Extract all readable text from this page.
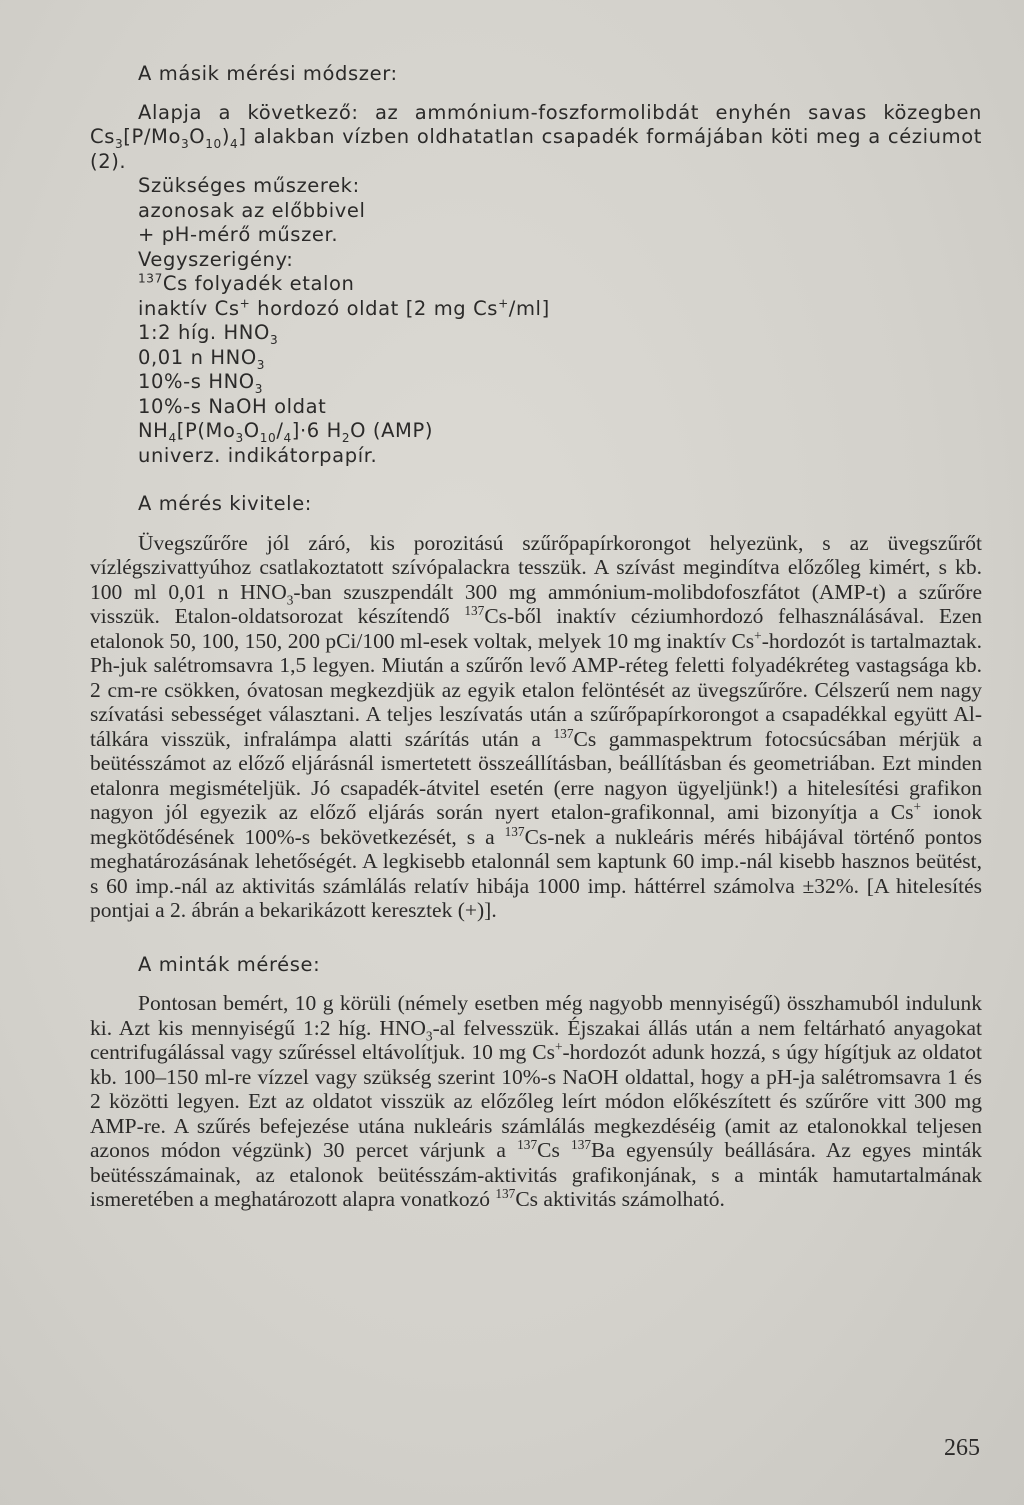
A másik mérési módszer:
Alapja a következő: az ammónium-foszformolibdát enyhén savas közegben $Cs_3[P/Mo_3O_{10})_4$] alakban vízben oldhatatlan csapadék formájában köti meg a céziumot (2).
Szükséges műszerek:
azonosak az előbbivel
+ pH-mérő műszer.
Vegyszerigény:
$^{137}$Cs folyadék etalon
inaktív Cs+ hordozó oldat [2 mg Cs+/ml]
1:2 híg. $HNO_3$
0,01 n $HNO_3$
10%-s $HNO_3$
10%-s NaOH oldat
$NH_4[P(Mo_3O_{10}/_4]\cdot 6$ $H_2O$ (AMP)
univerz. indikátorpapír.
A mérés kivitele:
Üvegszűrőre jól záró, kis porozitású szűrőpapírkorongot helyezünk, s az üvegszűrőt vízlégszivattyúhoz csatlakoztatott szívópalackra tesszük. A szívást megindítva előzőleg kimért, s kb. 100 ml 0,01 n $HNO_3$-ban szuszpendált 300 mg ammónium-molibdofoszfátot (AMP-t) a szűrőre visszük. Etalon-oldatsorozat készítendő $^{137}$Cs-ből inaktív céziumhordozó felhasználásával. Ezen etalonok 50, 100, 150, 200 pCi/100 ml-esek voltak, melyek 10 mg inaktív Cs+-hordozót is tartalmaztak. Ph-juk salétromsavra 1,5 legyen. Miután a szűrőn levő AMP-réteg feletti folyadékréteg vastagsága kb. 2 cm-re csökken, óvatosan megkezdjük az egyik etalon felöntését az üvegszűrőre. Célszerű nem nagy szívatási sebességet választani. A teljes leszívatás után a szűrőpapírkorongot a csapadékkal együtt Al-tálkára visszük, infralámpa alatti szárítás után a $^{137}$Cs gammaspektrum fotocsúcsában mérjük a beütésszámot az előző eljárásnál ismertetett összeállításban, beállításban és geometriában. Ezt minden etalonra megismételjük. Jó csapadék-átvitel esetén (erre nagyon ügyeljünk!) a hitelesítési grafikon nagyon jól egyezik az előző eljárás során nyert etalon-grafikonnal, ami bizonyítja a Cs+ ionok megkötődésének 100%-s bekövetkezését, s a $^{137}$Cs-nek a nukleáris mérés hibájával történő pontos meghatározásának lehetőségét. A legkisebb etalonnál sem kaptunk 60 imp.-nál kisebb hasznos beütést, s 60 imp.-nál az aktivitás számlálás relatív hibája 1000 imp. háttérrel számolva ±32%. [A hitelesítés pontjai a 2. ábrán a bekarikázott keresztek (+)].
A minták mérése:
Pontosan bemért, 10 g körüli (némely esetben még nagyobb mennyiségű) összhamuból indulunk ki. Azt kis mennyiségű 1:2 híg. $HNO_3-al$ felvesszük. Éjszakai állás után a nem feltárható anyagokat centrifugálással vagy szűréssel eltávolítjuk. 10 mg Cs+-hordozót adunk hozzá, s úgy hígítjuk az oldatot kb. 100–150 ml-re vízzel vagy szükség szerint 10%-s NaOH oldattal, hogy a pH-ja salétromsavra 1 és 2 közötti legyen. Ezt az oldatot visszük az előzőleg leírt módon előkészített és szűrőre vitt 300 mg AMP-re. A szűrés befejezése utána nukleáris számlálás megkezdéséig (amit az etalonokkal teljesen azonos módon végzünk) 30 percet várjunk a $^{137}$Cs $^{137}$Ba egyensúly beállására. Az egyes minták beütésszámainak, az etalonok beütésszám-aktivitás grafikonjának, s a minták hamutartalmának ismeretében a meghatározott alapra vonatkozó $^{137}$Cs aktivitás számolható.
265
